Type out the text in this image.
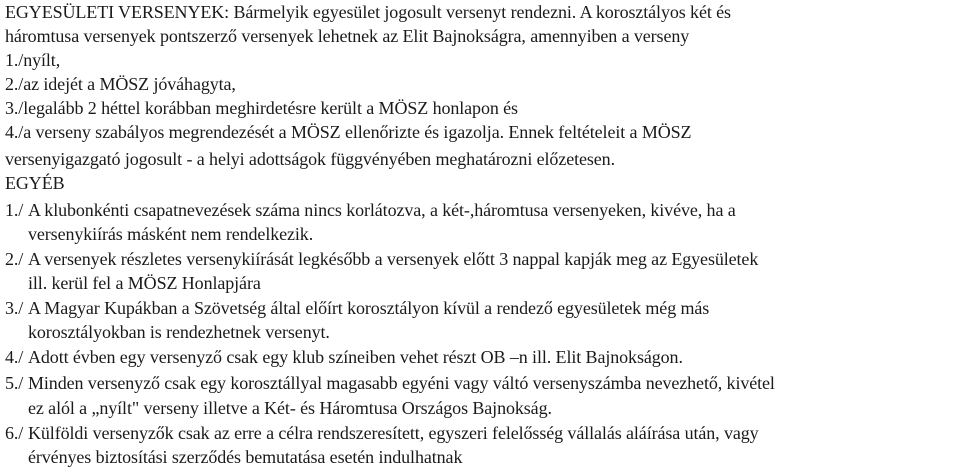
EGYESÜLETI VERSENYEK: Bármelyik egyesület jogosult versenyt rendezni. A korosztályos két és
háromtusa versenyek pontszerző versenyek lehetnek az Elit Bajnokságra, amennyiben a verseny
1./nyílt,
2./az idejét a MÖSZ jóváhagyta,
3./legalább 2 héttel korábban meghirdetésre került a MÖSZ honlapon és
4./a verseny szabályos megrendezését a MÖSZ ellenőrizte és igazolja. Ennek feltételeit a MÖSZ
versenyigazgató jogosult - a helyi adottságok függvényében meghatározni előzetesen.
EGYÉB
1./ A klubonkénti csapatnevezések száma nincs korlátozva, a két-,háromtusa versenyeken, kivéve, ha a
versenykiírás másként nem rendelkezik.
2./ A versenyek részletes versenykiírását legkésőbb a versenyek előtt 3 nappal kapják meg az Egyesületek
ill. kerül fel a MÖSZ Honlapjára
3./ A Magyar Kupákban a Szövetség által előírt korosztályon kívül a rendező egyesületek még más
korosztályokban is rendezhetnek versenyt.
4./ Adott évben egy versenyző csak egy klub színeiben vehet részt OB –n ill. Elit Bajnokságon.
5./ Minden versenyző csak egy korosztállyal magasabb egyéni vagy váltó versenyszámba nevezhető, kivétel
ez alól a „nyílt" verseny illetve a Két- és Háromtusa Országos Bajnokság.
6./ Külföldi versenyzők csak az erre a célra rendszeresített, egyszeri felelősség vállalás aláírása után, vagy
érvényes biztosítási szerződés bemutatása esetén indulhatnak
